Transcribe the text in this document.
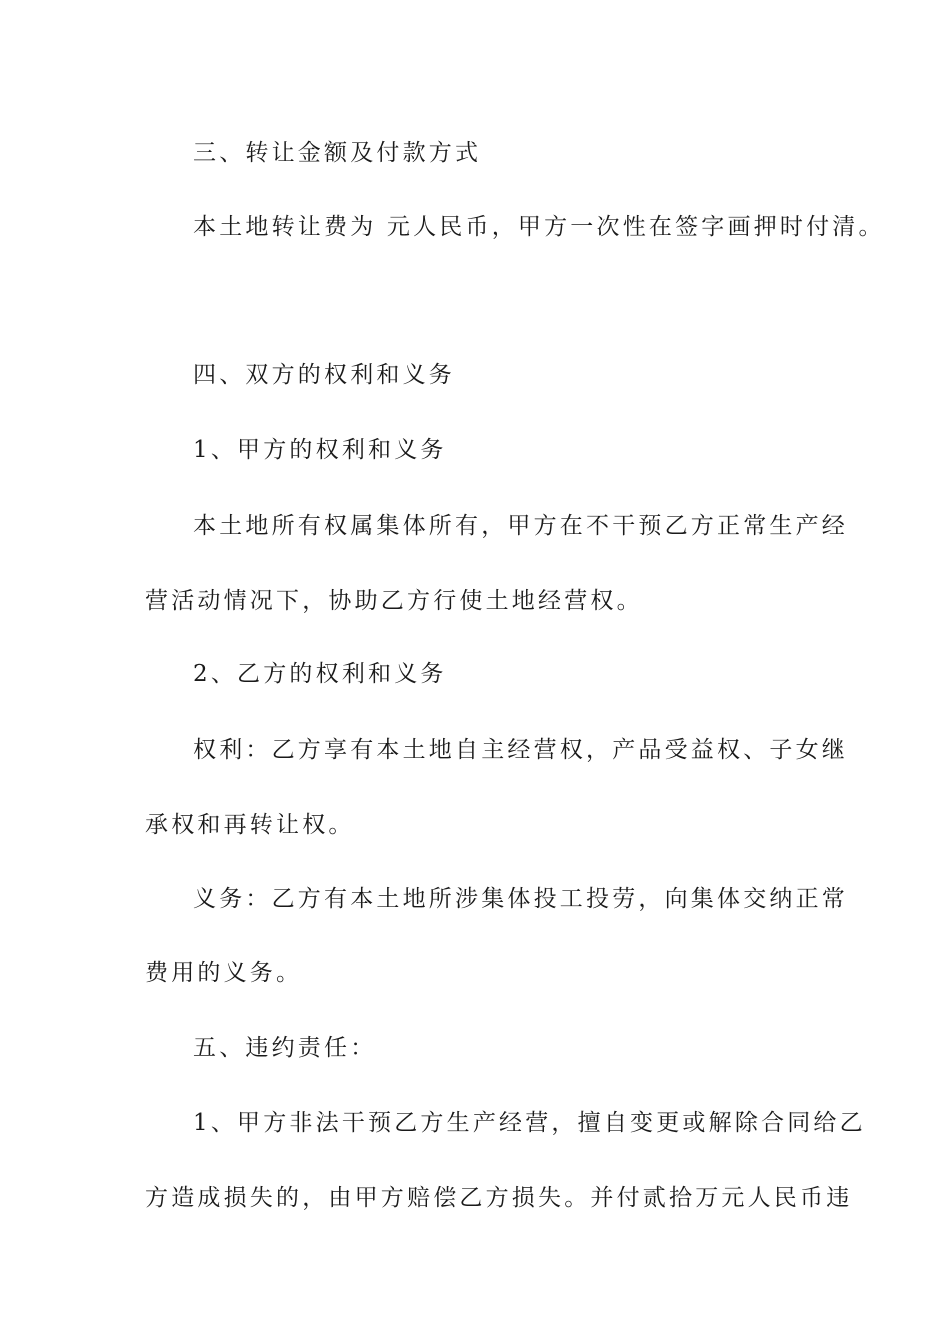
三、转让金额及付款方式
本土地转让费为 元人民币，甲方一次性在签字画押时付清。
四、双方的权利和义务
1、甲方的权利和义务
本土地所有权属集体所有，甲方在不干预乙方正常生产经
营活动情况下，协助乙方行使土地经营权。
2、乙方的权利和义务
权利：乙方享有本土地自主经营权，产品受益权、子女继
承权和再转让权。
义务：乙方有本土地所涉集体投工投劳，向集体交纳正常
费用的义务。
五、违约责任：
1、甲方非法干预乙方生产经营，擅自变更或解除合同给乙
方造成损失的，由甲方赔偿乙方损失。并付贰拾万元人民币违
